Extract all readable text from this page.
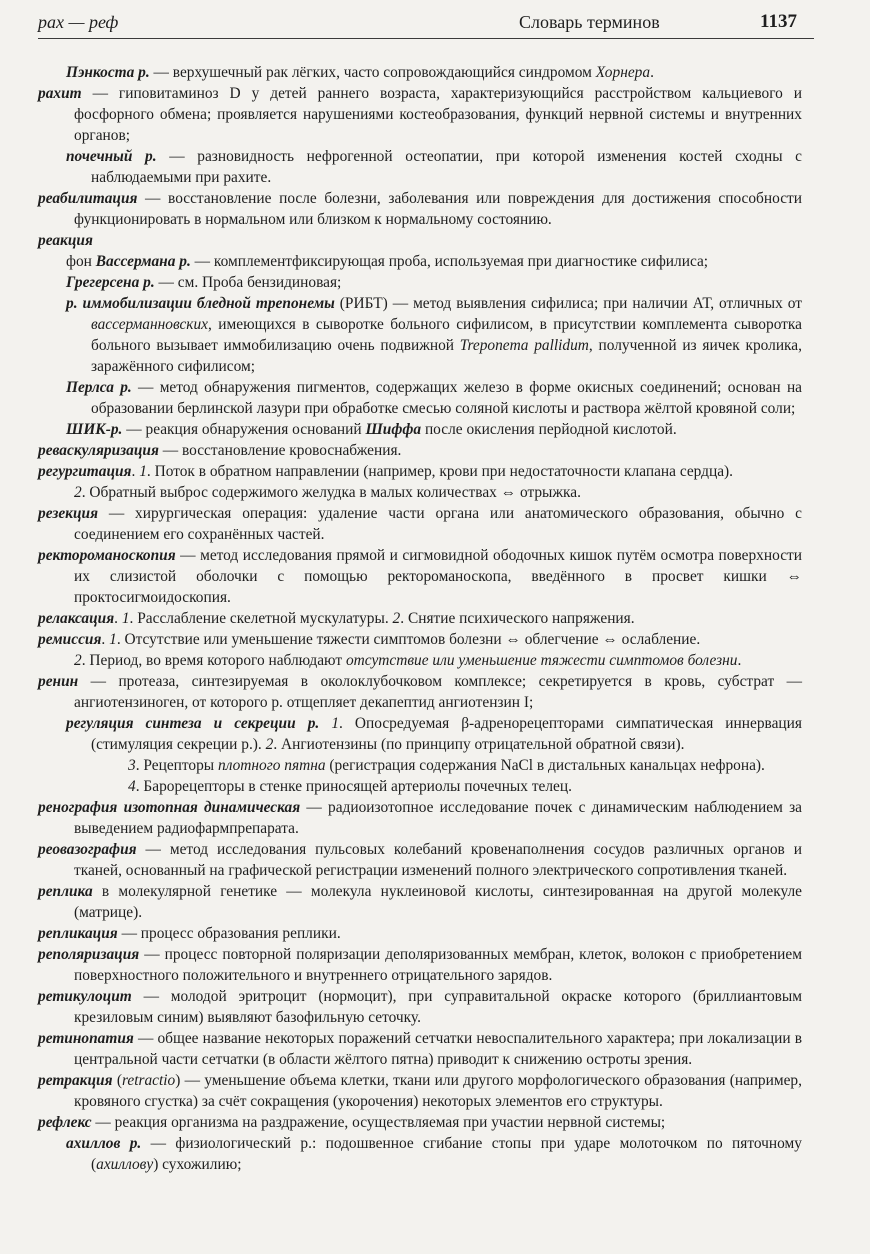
рах — реф	Словарь терминов	1137

Пэнкоста р. — верхушечный рак лёгких, часто сопровождающийся синдромом Хорнера.

рахит — гиповитаминоз D у детей раннего возраста, характеризующийся расстройством кальциевого и фосфорного обмена; проявляется нарушениями костеобразования, функций нервной системы и внутренних органов;

почечный р. — разновидность нефрогенной остеопатии, при которой изменения костей сходны с наблюдаемыми при рахите.

реабилитация — восстановление после болезни, заболевания или повреждения для достижения способности функционировать в нормальном или близком к нормальному состоянию.

реакция

фон Вассермана р. — комплементфиксирующая проба, используемая при диагностике сифилиса;

Грегерсена р. — см. Проба бензидиновая;

р. иммобилизации бледной трепонемы (РИБТ) — метод выявления сифилиса; при наличии АТ, отличных от вассерманновских, имеющихся в сыворотке больного сифилисом, в присутствии комплемента сыворотка больного вызывает иммобилизацию очень подвижной Treponema pallidum, полученной из яичек кролика, заражённого сифилисом;

Перлса р. — метод обнаружения пигментов, содержащих железо в форме окисных соединений; основан на образовании берлинской лазури при обработке смесью соляной кислоты и раствора жёлтой кровяной соли;

ШИК-р. — реакция обнаружения оснований Шиффа после окисления перйодной кислотой.

реваскуляризация — восстановление кровоснабжения.

регургитация. 1. Поток в обратном направлении (например, крови при недостаточности клапана сердца).

2. Обратный выброс содержимого желудка в малых количествах ⇔ отрыжка.

резекция — хирургическая операция: удаление части органа или анатомического образования, обычно с соединением его сохранённых частей.

ректороманоскопия — метод исследования прямой и сигмовидной ободочных кишок путём осмотра поверхности их слизистой оболочки с помощью ректороманоскопа, введённого в просвет кишки ⇔ проктосигмоидоскопия.

релаксация. 1. Расслабление скелетной мускулатуры. 2. Снятие психического напряжения.

ремиссия. 1. Отсутствие или уменьшение тяжести симптомов болезни ⇔ облегчение ⇔ ослабление.

2. Период, во время которого наблюдают отсутствие или уменьшение тяжести симптомов болезни.

ренин — протеаза, синтезируемая в околоклубочковом комплексе; секретируется в кровь, субстрат — ангиотензиноген, от которого р. отщепляет декапептид ангиотензин I;

регуляция синтеза и секреции р. 1. Опосредуемая β-адренорецепторами симпатическая иннервация (стимуляция секреции р.). 2. Ангиотензины (по принципу отрицательной обратной связи).

3. Рецепторы плотного пятна (регистрация содержания NaCl в дистальных канальцах нефрона).

4. Барорецепторы в стенке приносящей артериолы почечных телец.

ренография изотопная динамическая — радиоизотопное исследование почек с динамическим наблюдением за выведением радиофармпрепарата.

реовазография — метод исследования пульсовых колебаний кровенаполнения сосудов различных органов и тканей, основанный на графической регистрации изменений полного электрического сопротивления тканей.

реплика в молекулярной генетике — молекула нуклеиновой кислоты, синтезированная на другой молекуле (матрице).

репликация — процесс образования реплики.

реполяризация — процесс повторной поляризации деполяризованных мембран, клеток, волокон с приобретением поверхностного положительного и внутреннего отрицательного зарядов.

ретикулоцит — молодой эритроцит (нормоцит), при суправитальной окраске которого (бриллиантовым крезиловым синим) выявляют базофильную сеточку.

ретинопатия — общее название некоторых поражений сетчатки невоспалительного характера; при локализации в центральной части сетчатки (в области жёлтого пятна) приводит к снижению остроты зрения.

ретракция (retractio) — уменьшение объема клетки, ткани или другого морфологического образования (например, кровяного сгустка) за счёт сокращения (укорочения) некоторых элементов его структуры.

рефлекс — реакция организма на раздражение, осуществляемая при участии нервной системы;

ахиллов р. — физиологический р.: подошвенное сгибание стопы при ударе молоточком по пяточному (ахиллову) сухожилию;
